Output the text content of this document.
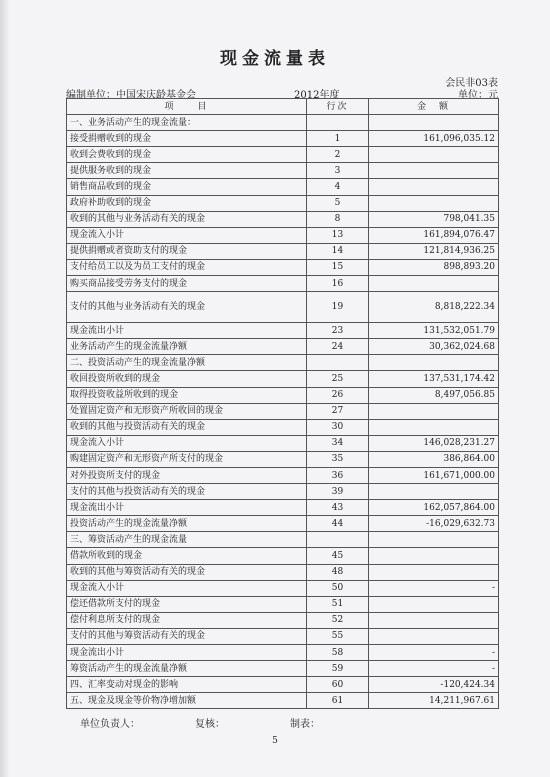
现金流量表
会民非03表
编制单位：中国宋庆龄基金会	2012年度	单位：元
项　　目	行次	金　额
一、业务活动产生的现金流量：		
接受捐赠收到的现金	1	161,096,035.12
收到会费收到的现金	2	
提供服务收到的现金	3	
销售商品收到的现金	4	
政府补助收到的现金	5	
收到的其他与业务活动有关的现金	8	798,041.35
现金流入小计	13	161,894,076.47
提供捐赠或者资助支付的现金	14	121,814,936.25
支付给员工以及为员工支付的现金	15	898,893.20
购买商品接受劳务支付的现金	16	
支付的其他与业务活动有关的现金	19	8,818,222.34
现金流出小计	23	131,532,051.79
业务活动产生的现金流量净额	24	30,362,024.68
二、投资活动产生的现金流量净额		
收回投资所收到的现金	25	137,531,174.42
取得投资收益所收到的现金	26	8,497,056.85
处置固定资产和无形资产所收回的现金	27	
收到的其他与投资活动有关的现金	30	
现金流入小计	34	146,028,231.27
购建固定资产和无形资产所支付的现金	35	386,864.00
对外投资所支付的现金	36	161,671,000.00
支付的其他与投资活动有关的现金	39	
现金流出小计	43	162,057,864.00
投资活动产生的现金流量净额	44	-16,029,632.73
三、筹资活动产生的现金流量		
借款所收到的现金	45	
收到的其他与筹资活动有关的现金	48	
现金流入小计	50	-
偿还借款所支付的现金	51	
偿付利息所支付的现金	52	
支付的其他与筹资活动有关的现金	55	
现金流出小计	58	-
筹资活动产生的现金流量净额	59	-
四、汇率变动对现金的影响	60	-120,424.34
五、现金及现金等价物净增加额	61	14,211,967.61
单位负责人：	复核：	制表：
5
